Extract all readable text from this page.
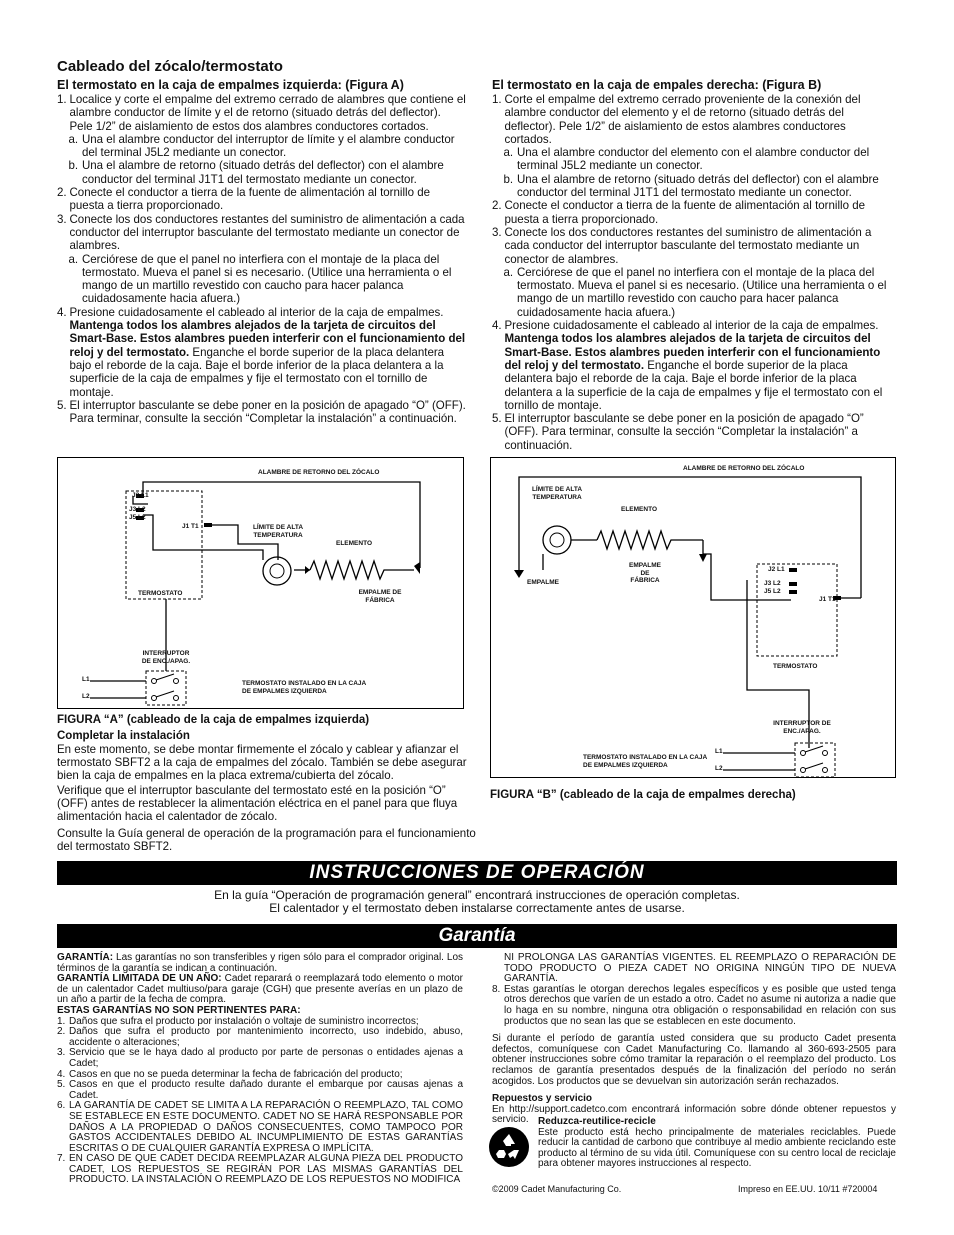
Cableado del zócalo/termostato
El termostato en la caja de empalmes izquierda: (Figura A)
1. Localice y corte el empalme del extremo cerrado de alambres que contiene el alambre conductor de límite y el de retorno (situado detrás del deflector). Pele 1/2” de aislamiento de estos dos alambres conductores cortados.
a. Una el alambre conductor del interruptor de límite y el alambre conductor del terminal J5L2 mediante un conector.
b. Una el alambre de retorno (situado detrás del deflector) con el alambre conductor del terminal J1T1 del termostato mediante un conector.
2. Conecte el conductor a tierra de la fuente de alimentación al tornillo de puesta a tierra proporcionado.
3. Conecte los dos conductores restantes del suministro de alimentación a cada conductor del interruptor basculante del termostato mediante un conector de alambres.
a. Cerciórese de que el panel no interfiera con el montaje de la placa del termostato. Mueva el panel si es necesario. (Utilice una herramienta o el mango de un martillo revestido con caucho para hacer palanca cuidadosamente hacia afuera.)
4. Presione cuidadosamente el cableado al interior de la caja de empalmes. Mantenga todos los alambres alejados de la tarjeta de circuitos del Smart-Base. Estos alambres pueden interferir con el funcionamiento del reloj y del termostato. Enganche el borde superior de la placa delantera bajo el reborde de la caja. Baje el borde inferior de la placa delantera a la superficie de la caja de empalmes y fije el termostato con el tornillo de montaje.
5. El interruptor basculante se debe poner en la posición de apagado “O” (OFF). Para terminar, consulte la sección “Completar la instalación” a continuación.
El termostato en la caja de empales derecha: (Figura B)
1. Corte el empalme del extremo cerrado proveniente de la conexión del alambre conductor del elemento y el de retorno (situado detrás del deflector). Pele 1/2” de aislamiento de estos alambres conductores cortados.
a. Una el alambre conductor del elemento con el alambre conductor del terminal J5L2 mediante un conector.
b. Una el alambre de retorno (situado detrás del deflector) con el alambre conductor del terminal J1T1 del termostato mediante un conector.
2. Conecte el conductor a tierra de la fuente de alimentación al tornillo de puesta a tierra proporcionado.
3. Conecte los dos conductores restantes del suministro de alimentación a cada conductor del interruptor basculante del termostato mediante un conector de alambres.
a. Cerciórese de que el panel no interfiera con el montaje de la placa del termostato. Mueva el panel si es necesario. (Utilice una herramienta o el mango de un martillo revestido con caucho para hacer palanca cuidadosamente hacia afuera.)
4. Presione cuidadosamente el cableado al interior de la caja de empalmes. Mantenga todos los alambres alejados de la tarjeta de circuitos del Smart-Base. Estos alambres pueden interferir con el funcionamiento del reloj y del termostato. Enganche el borde superior de la placa delantera bajo el reborde de la caja. Baje el borde inferior de la placa delantera a la superficie de la caja de empalmes y fije el termostato con el tornillo de montaje.
5. El interruptor basculante se debe poner en la posición de apagado “O” (OFF). Para terminar, consulte la sección “Completar la instalación” a continuación.
ALAMBRE DE RETORNO DEL ZÓCALO
J2 L1
J3 L2
J5 L2
J1 T1	LÍMITE DE ALTA TEMPERATURA
ELEMENTO
TERMOSTATO	EMPALME DE FÁBRICA
INTERRUPTOR DE ENC./APAG.
L1
L2
TERMOSTATO INSTALADO EN LA CAJA DE EMPALMES IZQUIERDA
FIGURA “A” (cableado de la caja de empalmes izquierda)
Completar la instalación
En este momento, se debe montar firmemente el zócalo y cablear y afianzar el termostato SBFT2 a la caja de empalmes del zócalo. También se debe asegurar bien la caja de empalmes en la placa extrema/cubierta del zócalo.
Verifique que el interruptor basculante del termostato esté en la posición “O” (OFF) antes de restablecer la alimentación eléctrica en el panel para que fluya alimentación hacia el calentador de zócalo.
Consulte la Guía general de operación de la programación para el funcionamiento del termostato SBFT2.
ALAMBRE DE RETORNO DEL ZÓCALO
LÍMITE DE ALTA TEMPERATURA
ELEMENTO
EMPALME
EMPALME DE FÁBRICA
J2 L1
J3 L2
J5 L2
J1 T1
TERMOSTATO
INTERRUPTOR DE ENC./APAG.
TERMOSTATO INSTALADO EN LA CAJA DE EMPALMES IZQUIERDA
L1
L2
FIGURA “B” (cableado de la caja de empalmes derecha)
INSTRUCCIONES DE OPERACIÓN
En la guía “Operación de programación general” encontrará instrucciones de operación completas.
El calentador y el termostato deben instalarse correctamente antes de usarse.
Garantía
GARANTÍA: Las garantías no son transferibles y rigen sólo para el comprador original. Los términos de la garantía se indican a continuación.
GARANTÍA LIMITADA DE UN AÑO: Cadet reparará o reemplazará todo elemento o motor de un calentador Cadet multiuso/para garaje (CGH) que presente averías en un plazo de un año a partir de la fecha de compra.
ESTAS GARANTÍAS NO SON PERTINENTES PARA:
1. Daños que sufra el producto por instalación o voltaje de suministro incorrectos;
2. Daños que sufra el producto por mantenimiento incorrecto, uso indebido, abuso, accidente o alteraciones;
3. Servicio que se le haya dado al producto por parte de personas o entidades ajenas a Cadet;
4. Casos en que no se pueda determinar la fecha de fabricación del producto;
5. Casos en que el producto resulte dañado durante el embarque por causas ajenas a Cadet.
6. LA GARANTÍA DE CADET SE LIMITA A LA REPARACIÓN O REEMPLAZO, TAL COMO SE ESTABLECE EN ESTE DOCUMENTO. CADET NO SE HARÁ RESPONSABLE POR DAÑOS A LA PROPIEDAD O DAÑOS CONSECUENTES, COMO TAMPOCO POR GASTOS ACCIDENTALES DEBIDO AL INCUMPLIMIENTO DE ESTAS GARANTÍAS ESCRITAS O DE CUALQUIER GARANTÍA EXPRESA O IMPLÍCITA.
7. EN CASO DE QUE CADET DECIDA REEMPLAZAR ALGUNA PIEZA DEL PRODUCTO CADET, LOS REPUESTOS SE REGIRÁN POR LAS MISMAS GARANTÍAS DEL PRODUCTO. LA INSTALACIÓN O REEMPLAZO DE LOS REPUESTOS NO MODIFICA
NI PROLONGA LAS GARANTÍAS VIGENTES. EL REEMPLAZO O REPARACIÓN DE TODO PRODUCTO O PIEZA CADET NO ORIGINA NINGÚN TIPO DE NUEVA GARANTÍA.
8. Estas garantías le otorgan derechos legales específicos y es posible que usted tenga otros derechos que varíen de un estado a otro. Cadet no asume ni autoriza a nadie que lo haga en su nombre, ninguna otra obligación o responsabilidad en relación con sus productos que no sean las que se establecen en este documento.
Si durante el período de garantía usted considera que su producto Cadet presenta defectos, comuníquese con Cadet Manufacturing Co. llamando al 360-693-2505 para obtener instrucciones sobre cómo tramitar la reparación o el reemplazo del producto. Los reclamos de garantía presentados después de la finalización del período no serán acogidos. Los productos que se devuelvan sin autorización serán rechazados.
Repuestos y servicio
En http://support.cadetco.com encontrará información sobre dónde obtener repuestos y servicio. Reduzca-reutilice-recicle
Este producto está hecho principalmente de materiales reciclables. Puede reducir la cantidad de carbono que contribuye al medio ambiente reciclando este producto al término de su vida útil. Comuníquese con su centro local de reciclaje para obtener mayores instrucciones al respecto.
©2009 Cadet Manufacturing Co.	Impreso en EE.UU. 10/11 #720004
